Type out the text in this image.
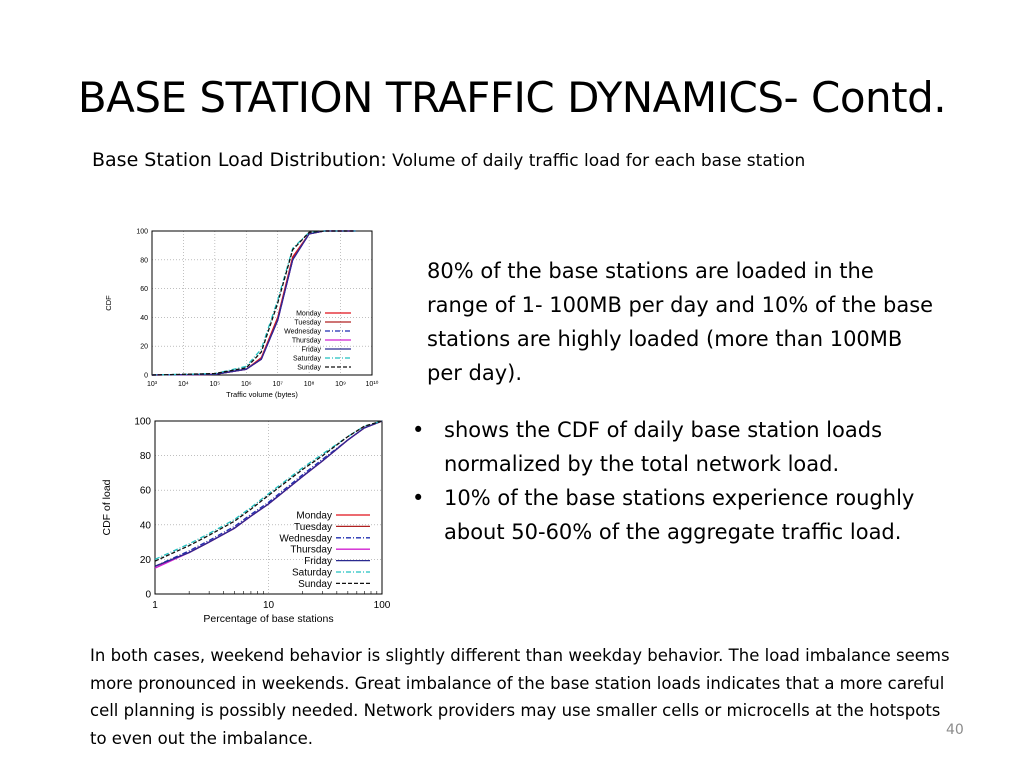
BASE STATION TRAFFIC DYNAMICS- Contd.
Base Station Load Distribution: Volume of daily traffic load for each base station
10³	10⁴	10⁵	10⁶	10⁷	10⁸	10⁹	10¹⁰
0
20
40
60
80
100
Traffic volume (bytes)
CDF
Monday
Tuesday
Wednesday
Thursday
Friday
Saturday
Sunday
1	10	100
0
20
40
60
80
100
Percentage of base stations
CDF of load	Monday
Tuesday
Wednesday
Thursday
Friday
Saturday
Sunday
80% of the base stations are loaded in the range of 1- 100MB per day and 10% of the base stations are highly loaded (more than 100MB per day).
• shows the CDF of daily base station loads normalized by the total network load.
• 10% of the base stations experience roughly about 50-60% of the aggregate traffic load.
In both cases, weekend behavior is slightly different than weekday behavior. The load imbalance seems more pronounced in weekends. Great imbalance of the base station loads indicates that a more careful cell planning is possibly needed. Network providers may use smaller cells or microcells at the hotspots to even out the imbalance.	40
